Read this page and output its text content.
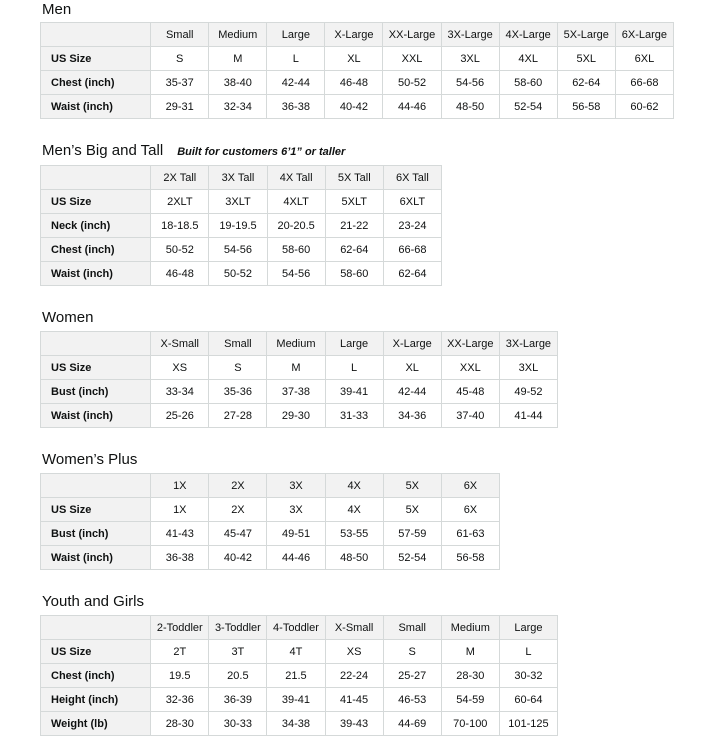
Men
	Small	Medium	Large	X-Large	XX-Large	3X-Large	4X-Large	5X-Large	6X-Large
US Size	S	M	L	XL	XXL	3XL	4XL	5XL	6XL
Chest (inch)	35-37	38-40	42-44	46-48	50-52	54-56	58-60	62-64	66-68
Waist (inch)	29-31	32-34	36-38	40-42	44-46	48-50	52-54	56-58	60-62
Men’s Big and Tall Built for customers 6’1” or taller
	2X Tall	3X Tall	4X Tall	5X Tall	6X Tall
US Size	2XLT	3XLT	4XLT	5XLT	6XLT
Neck (inch)	18-18.5	19-19.5	20-20.5	21-22	23-24
Chest (inch)	50-52	54-56	58-60	62-64	66-68
Waist (inch)	46-48	50-52	54-56	58-60	62-64
Women
	X-Small	Small	Medium	Large	X-Large	XX-Large	3X-Large
US Size	XS	S	M	L	XL	XXL	3XL
Bust (inch)	33-34	35-36	37-38	39-41	42-44	45-48	49-52
Waist (inch)	25-26	27-28	29-30	31-33	34-36	37-40	41-44
Women’s Plus
	1X	2X	3X	4X	5X	6X
US Size	1X	2X	3X	4X	5X	6X
Bust (inch)	41-43	45-47	49-51	53-55	57-59	61-63
Waist (inch)	36-38	40-42	44-46	48-50	52-54	56-58
Youth and Girls
	2-Toddler	3-Toddler	4-Toddler	X-Small	Small	Medium	Large
US Size	2T	3T	4T	XS	S	M	L
Chest (inch)	19.5	20.5	21.5	22-24	25-27	28-30	30-32
Height (inch)	32-36	36-39	39-41	41-45	46-53	54-59	60-64
Weight (lb)	28-30	30-33	34-38	39-43	44-69	70-100	101-125
